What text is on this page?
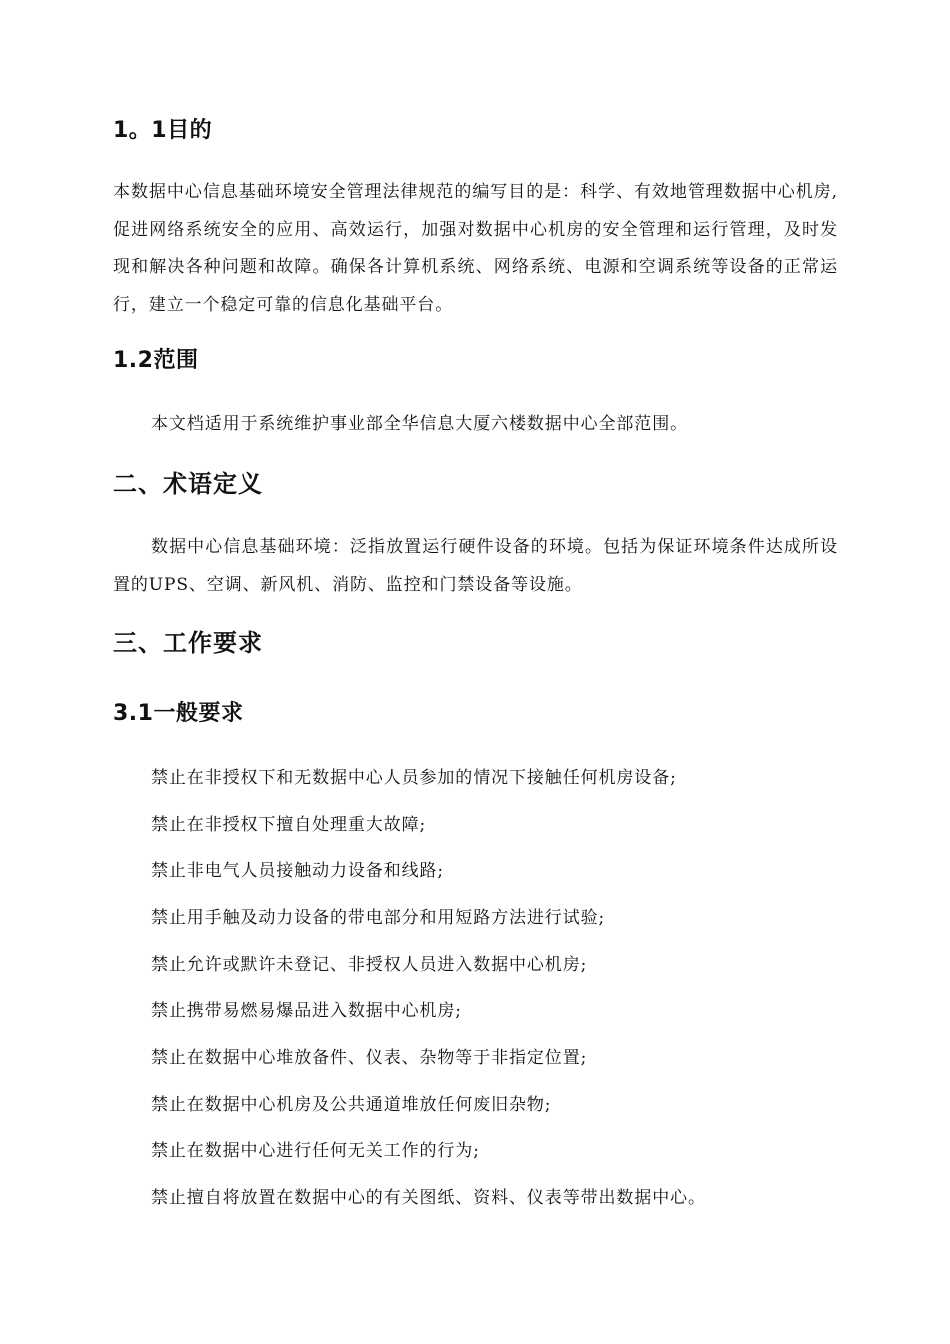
1。1目的
本数据中心信息基础环境安全管理法律规范的编写目的是：科学、有效地管理数据中心机房,促进网络系统安全的应用、高效运行，加强对数据中心机房的安全管理和运行管理，及时发现和解决各种问题和故障。确保各计算机系统、网络系统、电源和空调系统等设备的正常运行，建立一个稳定可靠的信息化基础平台。
1.2范围
本文档适用于系统维护事业部全华信息大厦六楼数据中心全部范围。
二、术语定义
数据中心信息基础环境：泛指放置运行硬件设备的环境。包括为保证环境条件达成所设置的UPS、空调、新风机、消防、监控和门禁设备等设施。
三、工作要求
3.1一般要求
禁止在非授权下和无数据中心人员参加的情况下接触任何机房设备;
禁止在非授权下擅自处理重大故障;
禁止非电气人员接触动力设备和线路;
禁止用手触及动力设备的带电部分和用短路方法进行试验;
禁止允许或默许未登记、非授权人员进入数据中心机房;
禁止携带易燃易爆品进入数据中心机房;
禁止在数据中心堆放备件、仪表、杂物等于非指定位置;
禁止在数据中心机房及公共通道堆放任何废旧杂物;
禁止在数据中心进行任何无关工作的行为;
禁止擅自将放置在数据中心的有关图纸、资料、仪表等带出数据中心。
